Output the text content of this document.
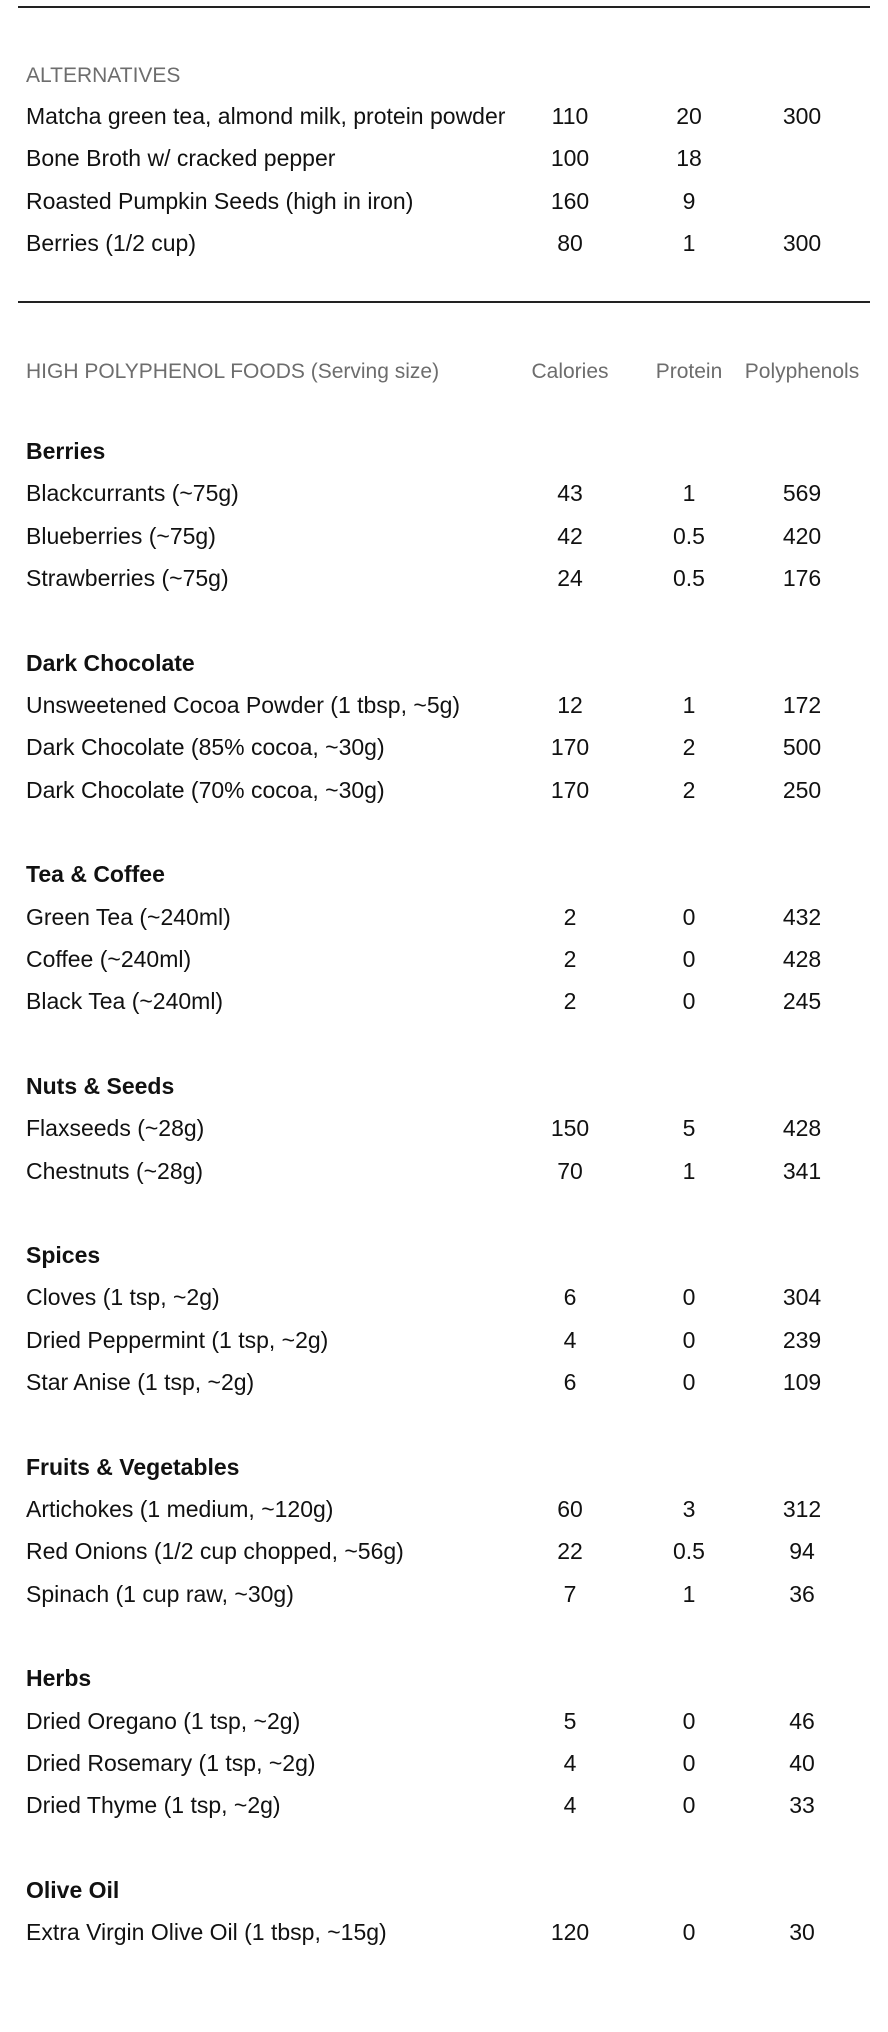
ALTERNATIVES
Matcha green tea, almond milk, protein powder	110	20	300
Bone Broth w/ cracked pepper	100	18
Roasted Pumpkin Seeds (high in iron)	160	9
Berries (1/2 cup)	80	1	300
HIGH POLYPHENOL FOODS (Serving size)	Calories	Protein	Polyphenols
Berries
Blackcurrants (~75g)	43	1	569
Blueberries (~75g)	42	0.5	420
Strawberries (~75g)	24	0.5	176
Dark Chocolate
Unsweetened Cocoa Powder (1 tbsp, ~5g)	12	1	172
Dark Chocolate (85% cocoa, ~30g)	170	2	500
Dark Chocolate (70% cocoa, ~30g)	170	2	250
Tea & Coffee
Green Tea (~240ml)	2	0	432
Coffee (~240ml)	2	0	428
Black Tea (~240ml)	2	0	245
Nuts & Seeds
Flaxseeds (~28g)	150	5	428
Chestnuts (~28g)	70	1	341
Spices
Cloves (1 tsp, ~2g)	6	0	304
Dried Peppermint (1 tsp, ~2g)	4	0	239
Star Anise (1 tsp, ~2g)	6	0	109
Fruits & Vegetables
Artichokes (1 medium, ~120g)	60	3	312
Red Onions (1/2 cup chopped, ~56g)	22	0.5	94
Spinach (1 cup raw, ~30g)	7	1	36
Herbs
Dried Oregano (1 tsp, ~2g)	5	0	46
Dried Rosemary (1 tsp, ~2g)	4	0	40
Dried Thyme (1 tsp, ~2g)	4	0	33
Olive Oil
Extra Virgin Olive Oil (1 tbsp, ~15g)	120	0	30
